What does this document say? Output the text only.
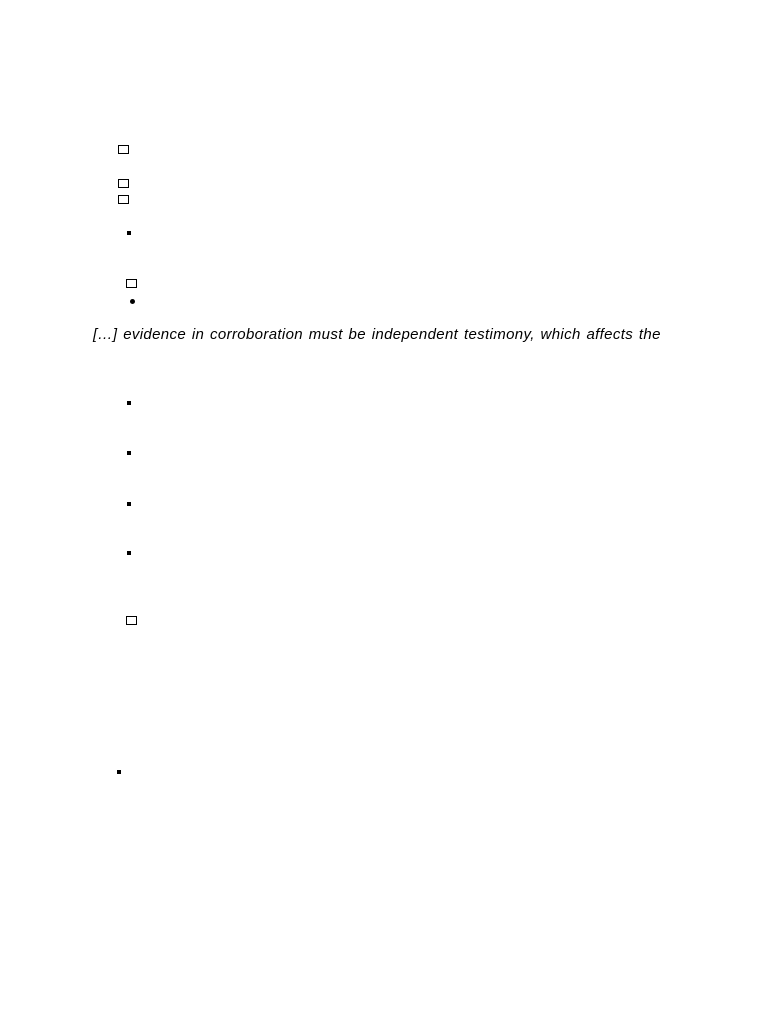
[…] evidence in corroboration must be independent testimony, which affects the
